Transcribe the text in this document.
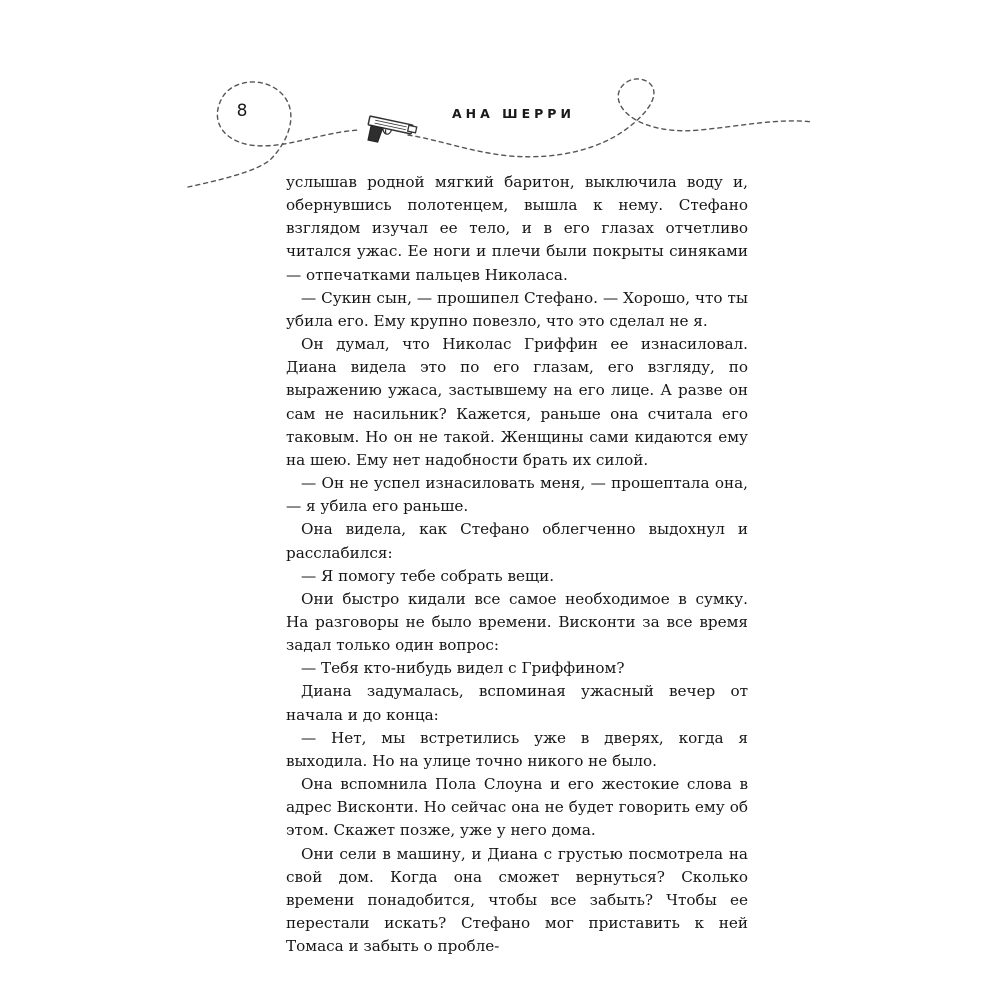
8	АНА ШЕРРИ

услышав родной мягкий баритон, выключила воду и, обернувшись полотенцем, вышла к нему. Стефано взглядом изучал ее тело, и в его глазах отчетливо читался ужас. Ее ноги и плечи были покрыты синяками — отпечатками пальцев Николаса.

— Сукин сын, — прошипел Стефано. — Хорошо, что ты убила его. Ему крупно повезло, что это сделал не я.

Он думал, что Николас Гриффин ее изнасиловал. Диана видела это по его глазам, его взгляду, по выражению ужаса, застывшему на его лице. А разве он сам не насильник? Кажется, раньше она считала его таковым. Но он не такой. Женщины сами кидаются ему на шею. Ему нет надобности брать их силой.

— Он не успел изнасиловать меня, — прошептала она, — я убила его раньше.

Она видела, как Стефано облегченно выдохнул и расслабился:

— Я помогу тебе собрать вещи.

Они быстро кидали все самое необходимое в сумку. На разговоры не было времени. Висконти за все время задал только один вопрос:

— Тебя кто-нибудь видел с Гриффином?

Диана задумалась, вспоминая ужасный вечер от начала и до конца:

— Нет, мы встретились уже в дверях, когда я выходила. Но на улице точно никого не было.

Она вспомнила Пола Слоуна и его жестокие слова в адрес Висконти. Но сейчас она не будет говорить ему об этом. Скажет позже, уже у него дома.

Они сели в машину, и Диана с грустью посмотрела на свой дом. Когда она сможет вернуться? Сколько времени понадобится, чтобы все забыть? Чтобы ее перестали искать? Стефано мог приставить к ней Томаса и забыть о пробле-
